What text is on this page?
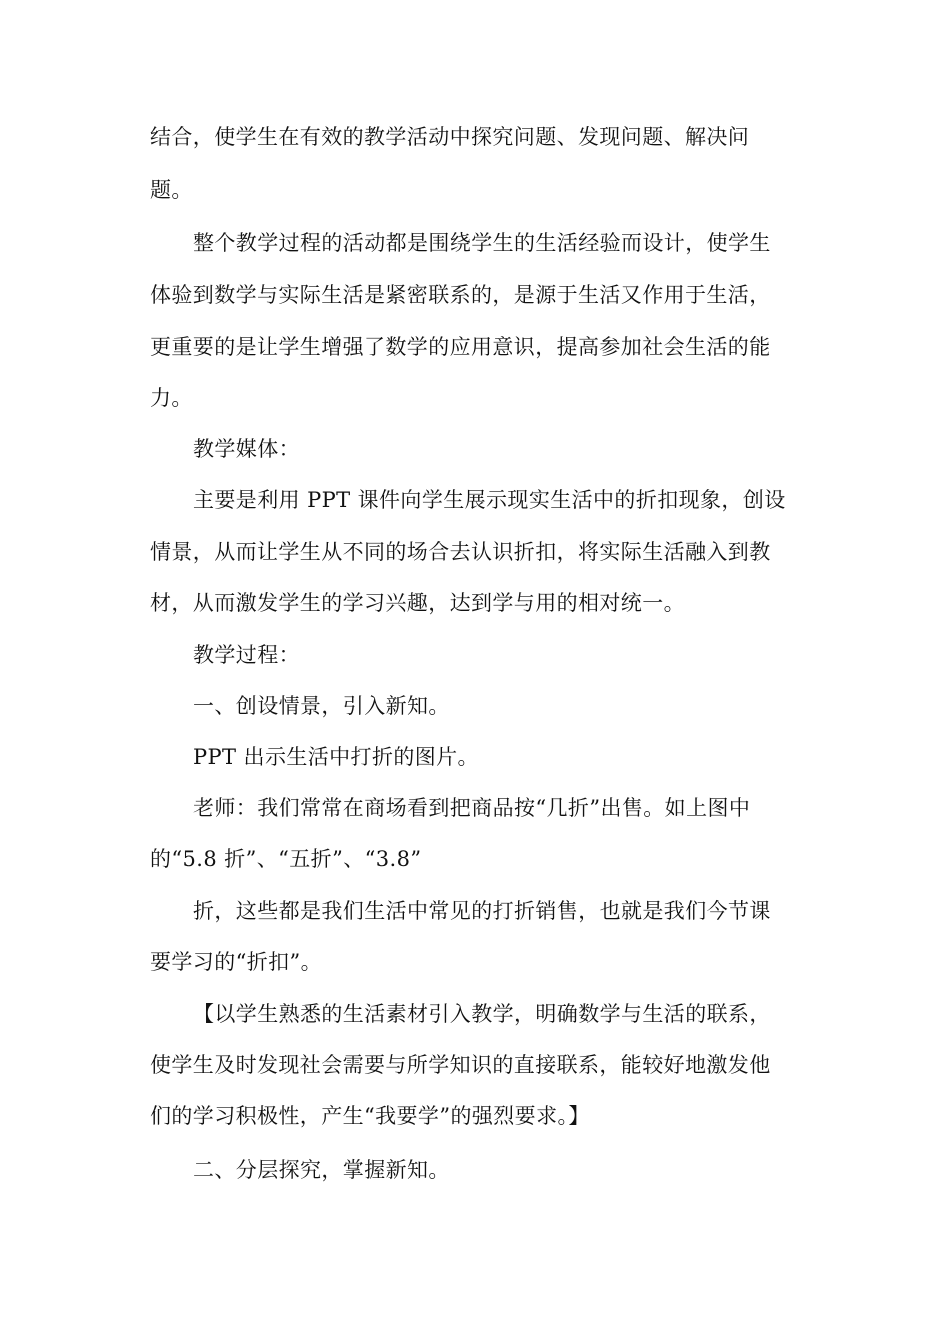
结合，使学生在有效的教学活动中探究问题、发现问题、解决问
题。
整个教学过程的活动都是围绕学生的生活经验而设计，使学生
体验到数学与实际生活是紧密联系的，是源于生活又作用于生活，
更重要的是让学生增强了数学的应用意识，提高参加社会生活的能
力。
教学媒体：
主要是利用 PPT 课件向学生展示现实生活中的折扣现象，创设
情景，从而让学生从不同的场合去认识折扣，将实际生活融入到教
材，从而激发学生的学习兴趣，达到学与用的相对统一。
教学过程：
一、创设情景，引入新知。
PPT 出示生活中打折的图片。
老师：我们常常在商场看到把商品按“几折”出售。如上图中
的“5.8 折”、“五折”、“3.8”
折，这些都是我们生活中常见的打折销售，也就是我们今节课
要学习的“折扣”。
【以学生熟悉的生活素材引入教学，明确数学与生活的联系，
使学生及时发现社会需要与所学知识的直接联系，能较好地激发他
们的学习积极性，产生“我要学”的强烈要求。】
二、分层探究，掌握新知。
